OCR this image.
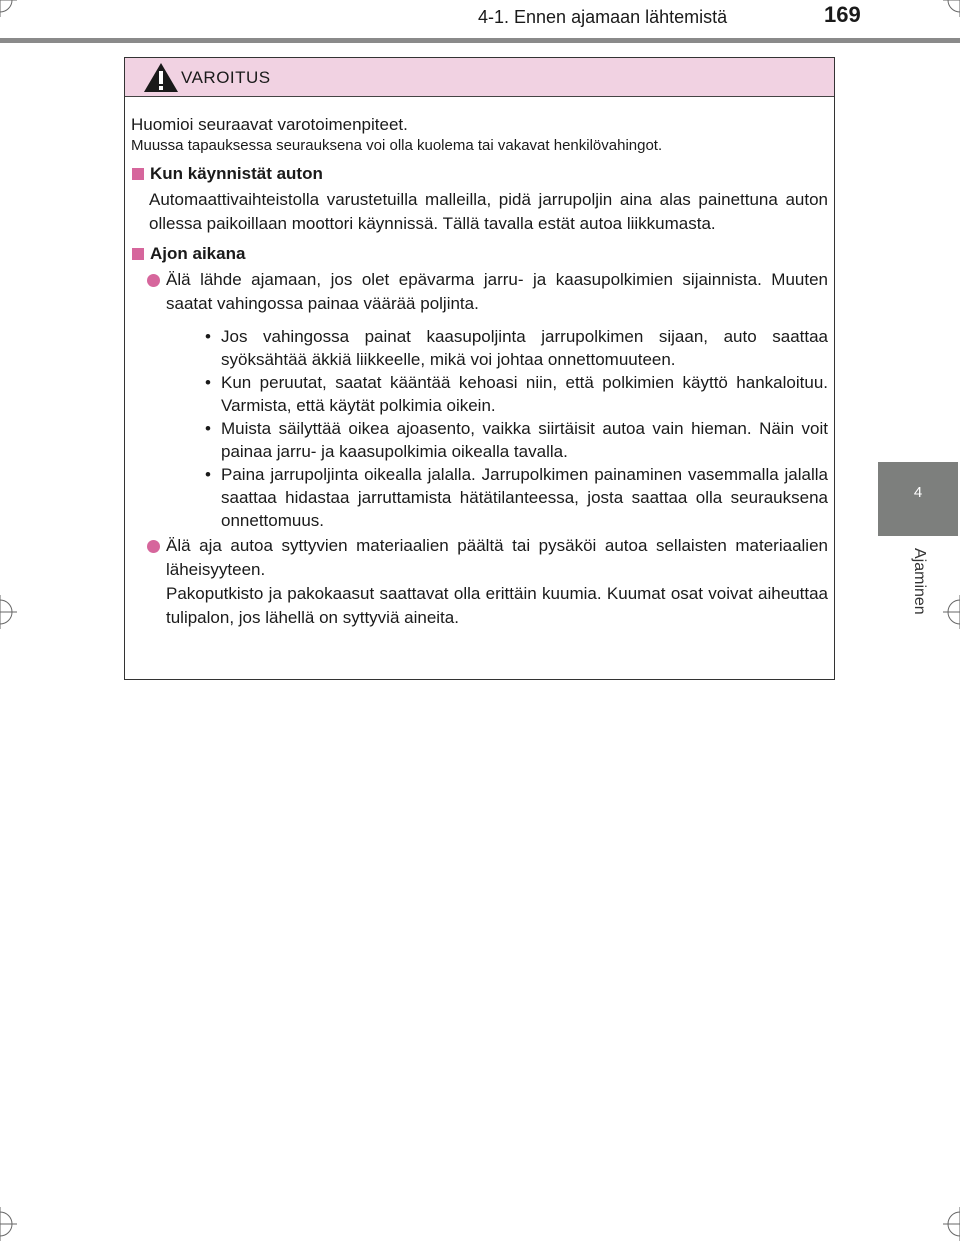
4-1. Ennen ajamaan lähtemistä	169
4
Ajaminen
VAROITUS

Huomioi seuraavat varotoimenpiteet.

Muussa tapauksessa seurauksena voi olla kuolema tai vakavat henkilövahingot.

Kun käynnistät auton

Automaattivaihteistolla varustetuilla malleilla, pidä jarrupoljin aina alas painettuna auton ollessa paikoillaan moottori käynnissä. Tällä tavalla estät autoa liikkumasta.

Ajon aikana

Älä lähde ajamaan, jos olet epävarma jarru- ja kaasupolkimien sijainnista. Muuten saatat vahingossa painaa väärää poljinta.

• Jos vahingossa painat kaasupoljinta jarrupolkimen sijaan, auto saattaa syöksähtää äkkiä liikkeelle, mikä voi johtaa onnettomuuteen.
• Kun peruutat, saatat kääntää kehoasi niin, että polkimien käyttö hankaloituu. Varmista, että käytät polkimia oikein.
• Muista säilyttää oikea ajoasento, vaikka siirtäisit autoa vain hieman. Näin voit painaa jarru- ja kaasupolkimia oikealla tavalla.
• Paina jarrupoljinta oikealla jalalla. Jarrupolkimen painaminen vasemmalla jalalla saattaa hidastaa jarruttamista hätätilanteessa, josta saattaa olla seurauksena onnettomuus.

Älä aja autoa syttyvien materiaalien päältä tai pysäköi autoa sellaisten materiaalien läheisyyteen.

Pakoputkisto ja pakokaasut saattavat olla erittäin kuumia. Kuumat osat voivat aiheuttaa tulipalon, jos lähellä on syttyviä aineita.
